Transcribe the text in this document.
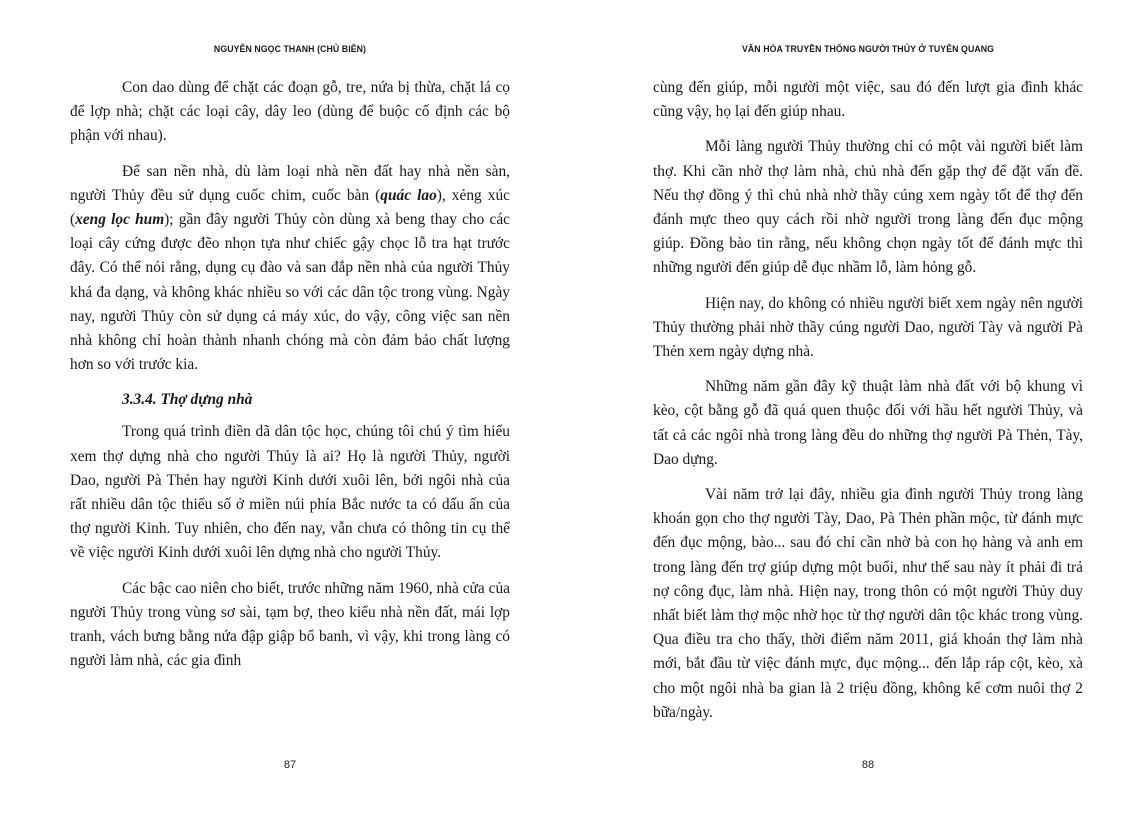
NGUYỄN NGỌC THANH (CHỦ BIÊN)

Con dao dùng để chặt các đoạn gỗ, tre, nứa bị thừa, chặt lá cọ để lợp nhà; chặt các loại cây, dây leo (dùng để buộc cố định các bộ phận với nhau).

Để san nền nhà, dù làm loại nhà nền đất hay nhà nền sàn, người Thủy đều sử dụng cuốc chim, cuốc bàn (quác lao), xẻng xúc (xeng lọc hum); gần đây người Thủy còn dùng xà beng thay cho các loại cây cứng được đẽo nhọn tựa như chiếc gậy chọc lỗ tra hạt trước đây. Có thể nói rằng, dụng cụ đào và san đắp nền nhà của người Thủy khá đa dạng, và không khác nhiều so với các dân tộc trong vùng. Ngày nay, người Thủy còn sử dụng cả máy xúc, do vậy, công việc san nền nhà không chỉ hoàn thành nhanh chóng mà còn đảm bảo chất lượng hơn so với trước kia.

3.3.4. Thợ dựng nhà

Trong quá trình điền dã dân tộc học, chúng tôi chú ý tìm hiểu xem thợ dựng nhà cho người Thủy là ai? Họ là người Thủy, người Dao, người Pà Thẻn hay người Kinh dưới xuôi lên, bởi ngôi nhà của rất nhiều dân tộc thiểu số ở miền núi phía Bắc nước ta có dấu ấn của thợ người Kinh. Tuy nhiên, cho đến nay, vẫn chưa có thông tin cụ thể về việc người Kinh dưới xuôi lên dựng nhà cho người Thủy.

Các bậc cao niên cho biết, trước những năm 1960, nhà cửa của người Thủy trong vùng sơ sài, tạm bợ, theo kiểu nhà nền đất, mái lợp tranh, vách bưng bằng nứa đập giập bổ banh, vì vậy, khi trong làng có người làm nhà, các gia đình

87
VĂN HÓA TRUYỀN THỐNG NGƯỜI THỦY Ở TUYÊN QUANG

cùng đến giúp, mỗi người một việc, sau đó đến lượt gia đình khác cũng vậy, họ lại đến giúp nhau.

Mỗi làng người Thủy thường chỉ có một vài người biết làm thợ. Khi cần nhờ thợ làm nhà, chủ nhà đến gặp thợ để đặt vấn đề. Nếu thợ đồng ý thì chủ nhà nhờ thầy cúng xem ngày tốt để thợ đến đánh mực theo quy cách rồi nhờ người trong làng đến đục mộng giúp. Đồng bào tin rằng, nếu không chọn ngày tốt để đánh mực thì những người đến giúp dễ đục nhầm lỗ, làm hỏng gỗ.

Hiện nay, do không có nhiều người biết xem ngày nên người Thủy thường phải nhờ thầy cúng người Dao, người Tày và người Pà Thẻn xem ngày dựng nhà.

Những năm gần đây kỹ thuật làm nhà đất với bộ khung vì kèo, cột bằng gỗ đã quá quen thuộc đối với hầu hết người Thủy, và tất cả các ngôi nhà trong làng đều do những thợ người Pà Thẻn, Tày, Dao dựng.

Vài năm trở lại đây, nhiều gia đình người Thủy trong làng khoán gọn cho thợ người Tày, Dao, Pà Thẻn phần mộc, từ đánh mực đến đục mộng, bào... sau đó chỉ cần nhờ bà con họ hàng và anh em trong làng đến trợ giúp dựng một buổi, như thế sau này ít phải đi trả nợ công đục, làm nhà. Hiện nay, trong thôn có một người Thủy duy nhất biết làm thợ mộc nhờ học từ thợ người dân tộc khác trong vùng. Qua điều tra cho thấy, thời điểm năm 2011, giá khoán thợ làm nhà mới, bắt đầu từ việc đánh mực, đục mộng... đến lắp ráp cột, kèo, xà cho một ngôi nhà ba gian là 2 triệu đồng, không kể cơm nuôi thợ 2 bữa/ngày.

88
